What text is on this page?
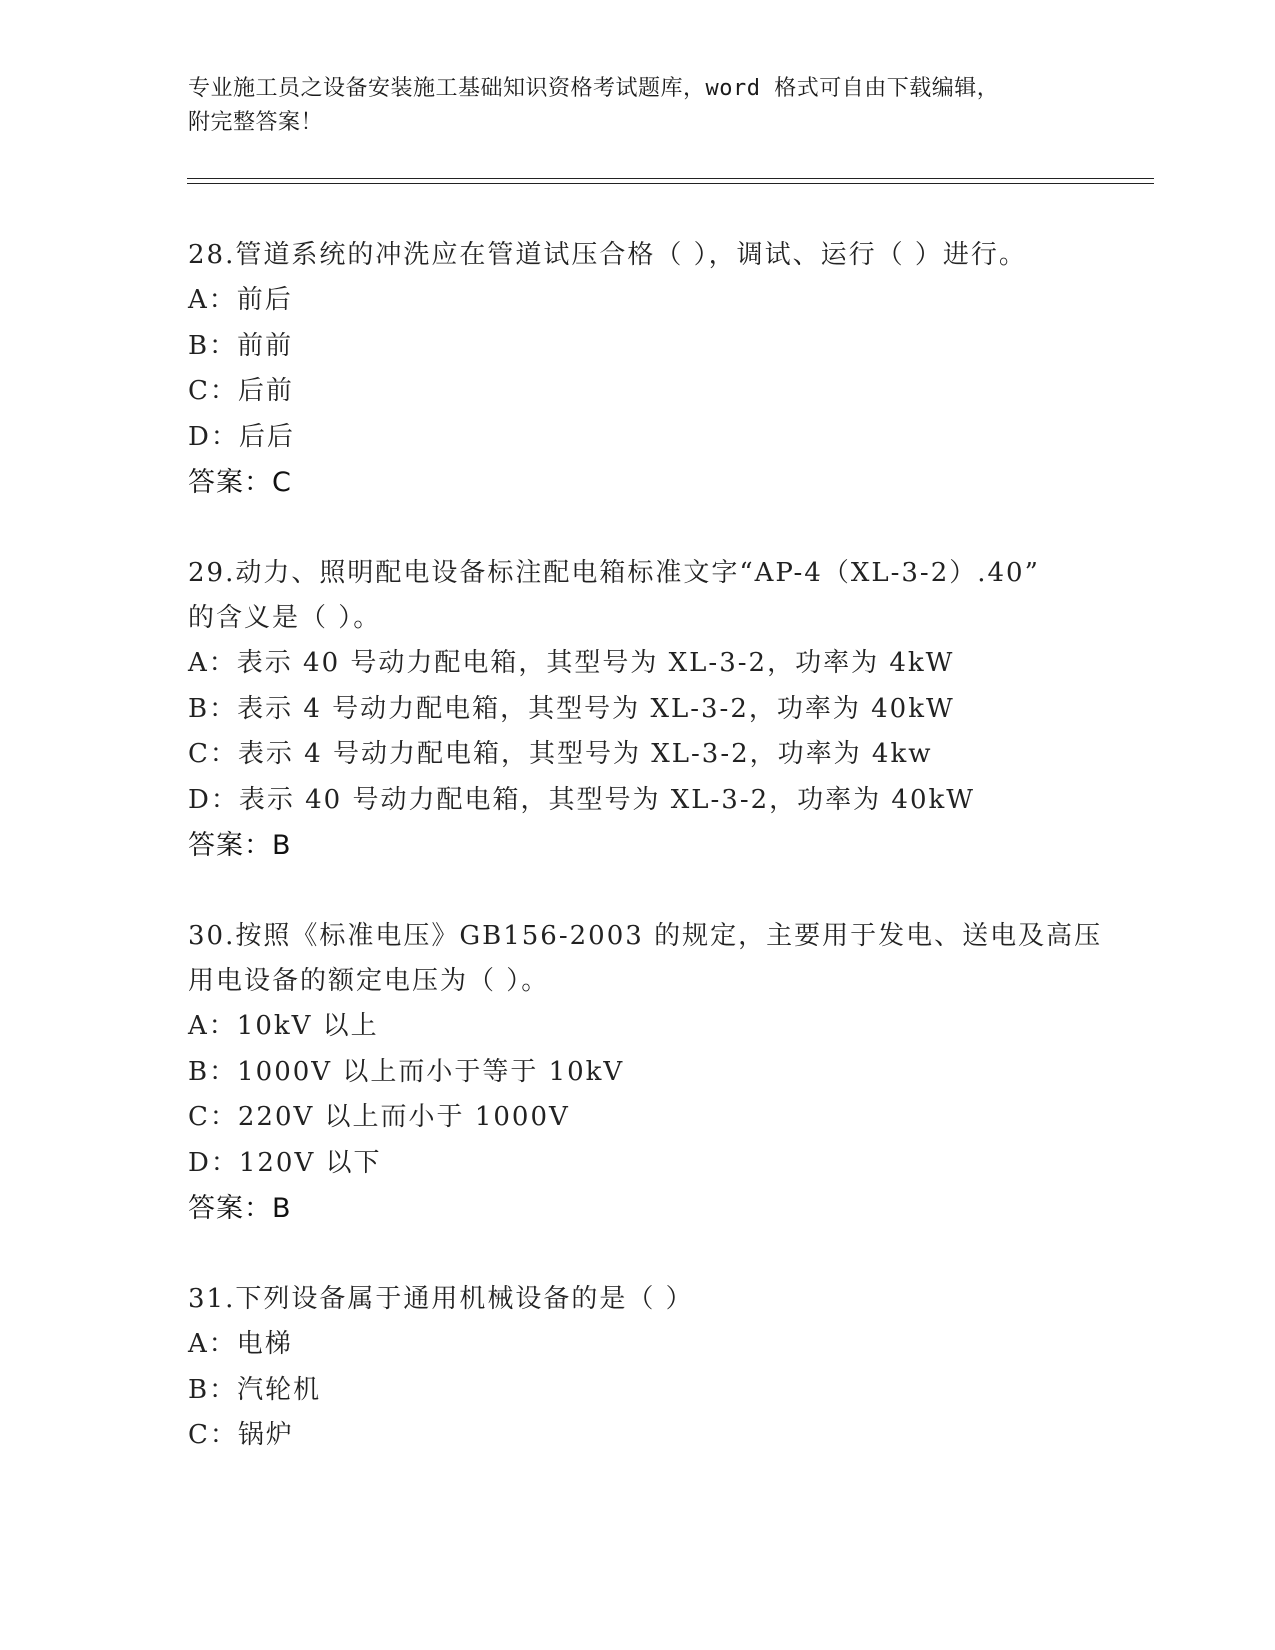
专业施工员之设备安装施工基础知识资格考试题库，word 格式可自由下载编辑，
附完整答案！

28.管道系统的冲洗应在管道试压合格（ ），调试、运行（ ）进行。

A：前后

B：前前

C：后前

D：后后

答案：C

29.动力、照明配电设备标注配电箱标准文字“AP-4（XL-3-2）.40”

的含义是（ ）。

A：表示 40 号动力配电箱，其型号为 XL-3-2，功率为 4kW

B：表示 4 号动力配电箱，其型号为 XL-3-2，功率为 40kW

C：表示 4 号动力配电箱，其型号为 XL-3-2，功率为 4kw

D：表示 40 号动力配电箱，其型号为 XL-3-2，功率为 40kW

答案：B

30.按照《标准电压》GB156-2003 的规定，主要用于发电、送电及高压

用电设备的额定电压为（ ）。

A：10kV 以上

B：1000V 以上而小于等于 10kV

C：220V 以上而小于 1000V

D：120V 以下

答案：B

31.下列设备属于通用机械设备的是（ ）

A：电梯

B：汽轮机

C：锅炉
